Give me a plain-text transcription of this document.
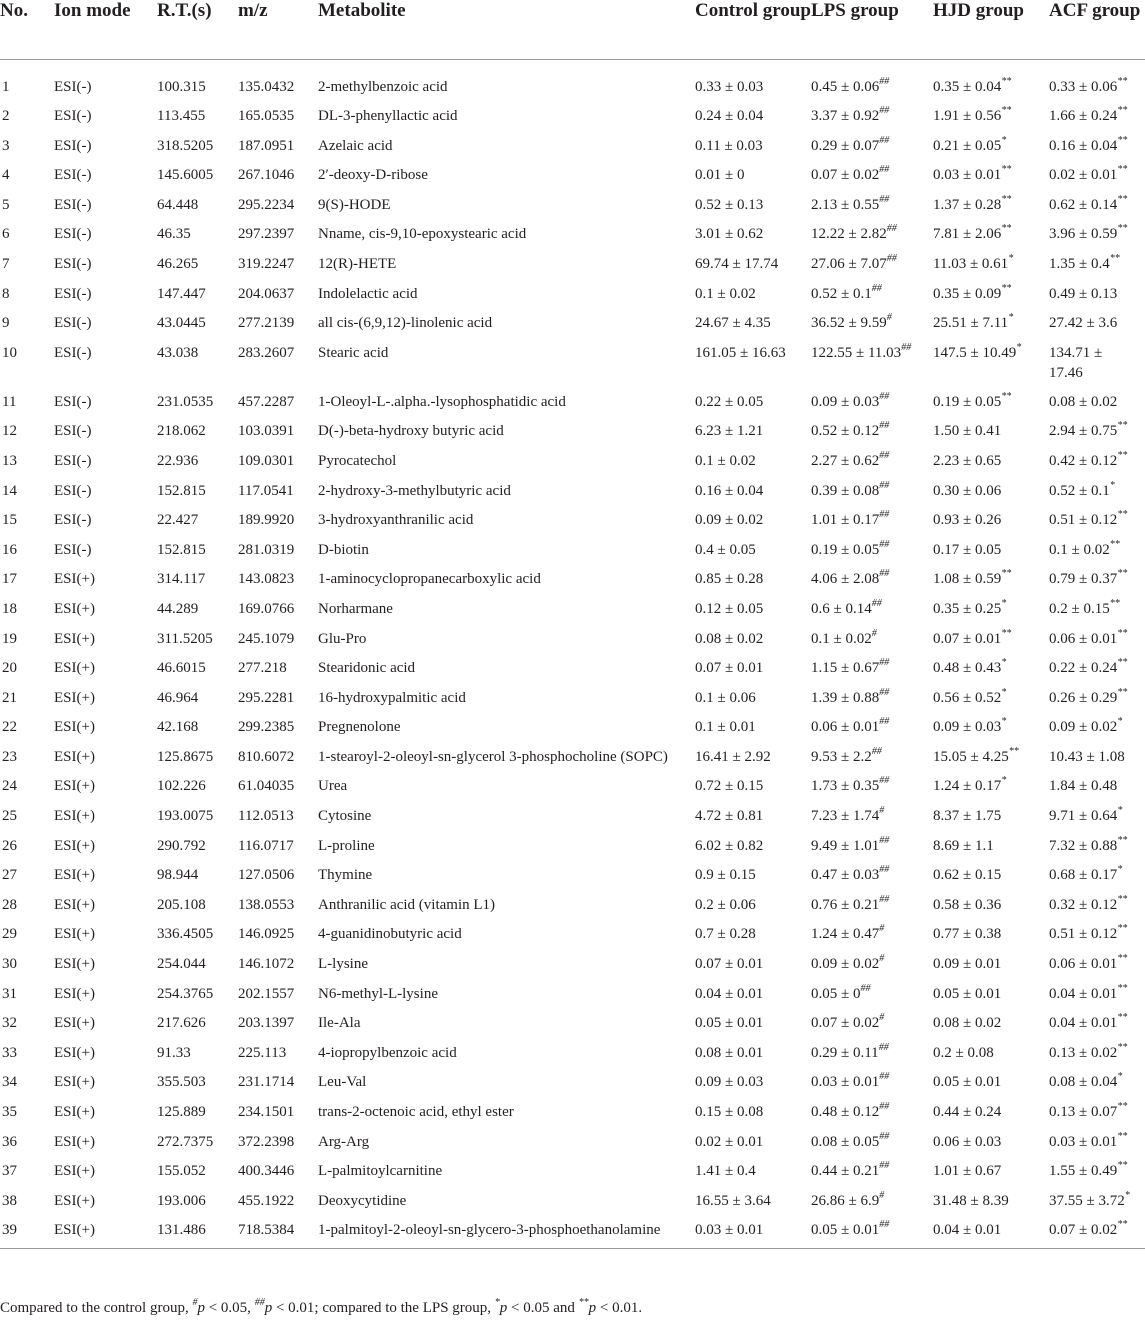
No.	Ion mode	R.T.(s)	m/z	Metabolite	Control group	LPS group	HJD group	ACF group
1	ESI(-)	100.315	135.0432	2-methylbenzoic acid	0.33 ± 0.03	0.45 ± 0.06##	0.35 ± 0.04**	0.33 ± 0.06**
2	ESI(-)	113.455	165.0535	DL-3-phenyllactic acid	0.24 ± 0.04	3.37 ± 0.92##	1.91 ± 0.56**	1.66 ± 0.24**
3	ESI(-)	318.5205	187.0951	Azelaic acid	0.11 ± 0.03	0.29 ± 0.07##	0.21 ± 0.05*	0.16 ± 0.04**
4	ESI(-)	145.6005	267.1046	2′-deoxy-D-ribose	0.01 ± 0	0.07 ± 0.02##	0.03 ± 0.01**	0.02 ± 0.01**
5	ESI(-)	64.448	295.2234	9(S)-HODE	0.52 ± 0.13	2.13 ± 0.55##	1.37 ± 0.28**	0.62 ± 0.14**
6	ESI(-)	46.35	297.2397	Nname, cis-9,10-epoxystearic acid	3.01 ± 0.62	12.22 ± 2.82##	7.81 ± 2.06**	3.96 ± 0.59**
7	ESI(-)	46.265	319.2247	12(R)-HETE	69.74 ± 17.74	27.06 ± 7.07##	11.03 ± 0.61*	1.35 ± 0.4**
8	ESI(-)	147.447	204.0637	Indolelactic acid	0.1 ± 0.02	0.52 ± 0.1##	0.35 ± 0.09**	0.49 ± 0.13
9	ESI(-)	43.0445	277.2139	all cis-(6,9,12)-linolenic acid	24.67 ± 4.35	36.52 ± 9.59#	25.51 ± 7.11*	27.42 ± 3.6
10	ESI(-)	43.038	283.2607	Stearic acid	161.05 ± 16.63	122.55 ± 11.03##	147.5 ± 10.49*	134.71 ± 17.46
11	ESI(-)	231.0535	457.2287	1-Oleoyl-L-.alpha.-lysophosphatidic acid	0.22 ± 0.05	0.09 ± 0.03##	0.19 ± 0.05**	0.08 ± 0.02
12	ESI(-)	218.062	103.0391	D(-)-beta-hydroxy butyric acid	6.23 ± 1.21	0.52 ± 0.12##	1.50 ± 0.41	2.94 ± 0.75**
13	ESI(-)	22.936	109.0301	Pyrocatechol	0.1 ± 0.02	2.27 ± 0.62##	2.23 ± 0.65	0.42 ± 0.12**
14	ESI(-)	152.815	117.0541	2-hydroxy-3-methylbutyric acid	0.16 ± 0.04	0.39 ± 0.08##	0.30 ± 0.06	0.52 ± 0.1*
15	ESI(-)	22.427	189.9920	3-hydroxyanthranilic acid	0.09 ± 0.02	1.01 ± 0.17##	0.93 ± 0.26	0.51 ± 0.12**
16	ESI(-)	152.815	281.0319	D-biotin	0.4 ± 0.05	0.19 ± 0.05##	0.17 ± 0.05	0.1 ± 0.02**
17	ESI(+)	314.117	143.0823	1-aminocyclopropanecarboxylic acid	0.85 ± 0.28	4.06 ± 2.08##	1.08 ± 0.59**	0.79 ± 0.37**
18	ESI(+)	44.289	169.0766	Norharmane	0.12 ± 0.05	0.6 ± 0.14##	0.35 ± 0.25*	0.2 ± 0.15**
19	ESI(+)	311.5205	245.1079	Glu-Pro	0.08 ± 0.02	0.1 ± 0.02#	0.07 ± 0.01**	0.06 ± 0.01**
20	ESI(+)	46.6015	277.218	Stearidonic acid	0.07 ± 0.01	1.15 ± 0.67##	0.48 ± 0.43*	0.22 ± 0.24**
21	ESI(+)	46.964	295.2281	16-hydroxypalmitic acid	0.1 ± 0.06	1.39 ± 0.88##	0.56 ± 0.52*	0.26 ± 0.29**
22	ESI(+)	42.168	299.2385	Pregnenolone	0.1 ± 0.01	0.06 ± 0.01##	0.09 ± 0.03*	0.09 ± 0.02*
23	ESI(+)	125.8675	810.6072	1-stearoyl-2-oleoyl-sn-glycerol 3-phosphocholine (SOPC)	16.41 ± 2.92	9.53 ± 2.2##	15.05 ± 4.25**	10.43 ± 1.08
24	ESI(+)	102.226	61.04035	Urea	0.72 ± 0.15	1.73 ± 0.35##	1.24 ± 0.17*	1.84 ± 0.48
25	ESI(+)	193.0075	112.0513	Cytosine	4.72 ± 0.81	7.23 ± 1.74#	8.37 ± 1.75	9.71 ± 0.64*
26	ESI(+)	290.792	116.0717	L-proline	6.02 ± 0.82	9.49 ± 1.01##	8.69 ± 1.1	7.32 ± 0.88**
27	ESI(+)	98.944	127.0506	Thymine	0.9 ± 0.15	0.47 ± 0.03##	0.62 ± 0.15	0.68 ± 0.17*
28	ESI(+)	205.108	138.0553	Anthranilic acid (vitamin L1)	0.2 ± 0.06	0.76 ± 0.21##	0.58 ± 0.36	0.32 ± 0.12**
29	ESI(+)	336.4505	146.0925	4-guanidinobutyric acid	0.7 ± 0.28	1.24 ± 0.47#	0.77 ± 0.38	0.51 ± 0.12**
30	ESI(+)	254.044	146.1072	L-lysine	0.07 ± 0.01	0.09 ± 0.02#	0.09 ± 0.01	0.06 ± 0.01**
31	ESI(+)	254.3765	202.1557	N6-methyl-L-lysine	0.04 ± 0.01	0.05 ± 0##	0.05 ± 0.01	0.04 ± 0.01**
32	ESI(+)	217.626	203.1397	Ile-Ala	0.05 ± 0.01	0.07 ± 0.02#	0.08 ± 0.02	0.04 ± 0.01**
33	ESI(+)	91.33	225.113	4-iopropylbenzoic acid	0.08 ± 0.01	0.29 ± 0.11##	0.2 ± 0.08	0.13 ± 0.02**
34	ESI(+)	355.503	231.1714	Leu-Val	0.09 ± 0.03	0.03 ± 0.01##	0.05 ± 0.01	0.08 ± 0.04*
35	ESI(+)	125.889	234.1501	trans-2-octenoic acid, ethyl ester	0.15 ± 0.08	0.48 ± 0.12##	0.44 ± 0.24	0.13 ± 0.07**
36	ESI(+)	272.7375	372.2398	Arg-Arg	0.02 ± 0.01	0.08 ± 0.05##	0.06 ± 0.03	0.03 ± 0.01**
37	ESI(+)	155.052	400.3446	L-palmitoylcarnitine	1.41 ± 0.4	0.44 ± 0.21##	1.01 ± 0.67	1.55 ± 0.49**
38	ESI(+)	193.006	455.1922	Deoxycytidine	16.55 ± 3.64	26.86 ± 6.9#	31.48 ± 8.39	37.55 ± 3.72*
39	ESI(+)	131.486	718.5384	1-palmitoyl-2-oleoyl-sn-glycero-3-phosphoethanolamine	0.03 ± 0.01	0.05 ± 0.01##	0.04 ± 0.01	0.07 ± 0.02**
Compared to the control group, #p < 0.05, ##p < 0.01; compared to the LPS group, *p < 0.05 and **p < 0.01.
